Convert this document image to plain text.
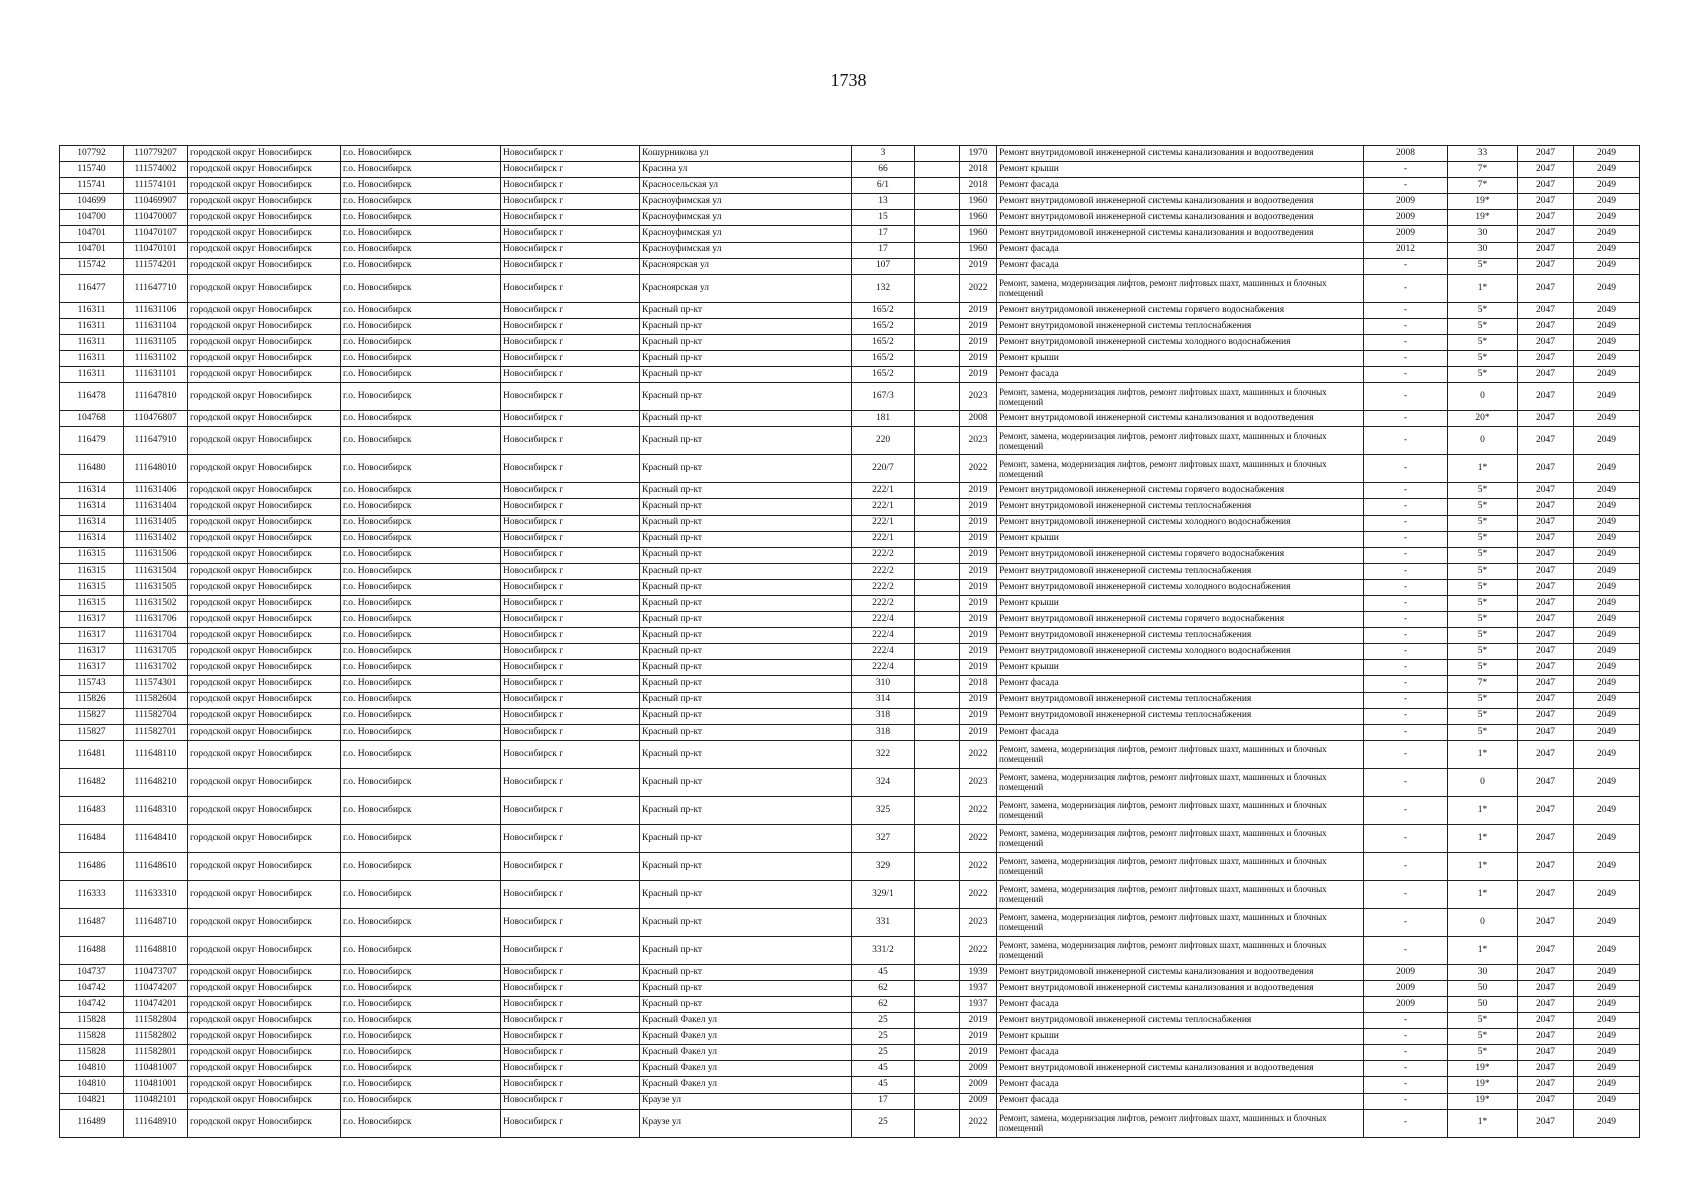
1738
107792	110779207	городской округ Новосибирск	г.о. Новосибирск	Новосибирск г	Кошурникова ул	3		1970	Ремонт внутридомовой инженерной системы канализования и водоотведения	2008	33	2047	2049
115740	111574002	городской округ Новосибирск	г.о. Новосибирск	Новосибирск г	Красина ул	66		2018	Ремонт крыши	-	7*	2047	2049
115741	111574101	городской округ Новосибирск	г.о. Новосибирск	Новосибирск г	Красносельская ул	6/1		2018	Ремонт фасада	-	7*	2047	2049
104699	110469907	городской округ Новосибирск	г.о. Новосибирск	Новосибирск г	Красноуфимская ул	13		1960	Ремонт внутридомовой инженерной системы канализования и водоотведения	2009	19*	2047	2049
104700	110470007	городской округ Новосибирск	г.о. Новосибирск	Новосибирск г	Красноуфимская ул	15		1960	Ремонт внутридомовой инженерной системы канализования и водоотведения	2009	19*	2047	2049
104701	110470107	городской округ Новосибирск	г.о. Новосибирск	Новосибирск г	Красноуфимская ул	17		1960	Ремонт внутридомовой инженерной системы канализования и водоотведения	2009	30	2047	2049
104701	110470101	городской округ Новосибирск	г.о. Новосибирск	Новосибирск г	Красноуфимская ул	17		1960	Ремонт фасада	2012	30	2047	2049
115742	111574201	городской округ Новосибирск	г.о. Новосибирск	Новосибирск г	Красноярская ул	107		2019	Ремонт фасада	-	5*	2047	2049
116477	111647710	городской округ Новосибирск	г.о. Новосибирск	Новосибирск г	Красноярская ул	132		2022	Ремонт, замена, модернизация лифтов, ремонт лифтовых шахт, машинных и блочных помещений	-	1*	2047	2049
116311	111631106	городской округ Новосибирск	г.о. Новосибирск	Новосибирск г	Красный пр-кт	165/2		2019	Ремонт внутридомовой инженерной системы горячего водоснабжения	-	5*	2047	2049
116311	111631104	городской округ Новосибирск	г.о. Новосибирск	Новосибирск г	Красный пр-кт	165/2		2019	Ремонт внутридомовой инженерной системы теплоснабжения	-	5*	2047	2049
116311	111631105	городской округ Новосибирск	г.о. Новосибирск	Новосибирск г	Красный пр-кт	165/2		2019	Ремонт внутридомовой инженерной системы холодного водоснабжения	-	5*	2047	2049
116311	111631102	городской округ Новосибирск	г.о. Новосибирск	Новосибирск г	Красный пр-кт	165/2		2019	Ремонт крыши	-	5*	2047	2049
116311	111631101	городской округ Новосибирск	г.о. Новосибирск	Новосибирск г	Красный пр-кт	165/2		2019	Ремонт фасада	-	5*	2047	2049
116478	111647810	городской округ Новосибирск	г.о. Новосибирск	Новосибирск г	Красный пр-кт	167/3		2023	Ремонт, замена, модернизация лифтов, ремонт лифтовых шахт, машинных и блочных помещений	-	0	2047	2049
104768	110476807	городской округ Новосибирск	г.о. Новосибирск	Новосибирск г	Красный пр-кт	181		2008	Ремонт внутридомовой инженерной системы канализования и водоотведения	-	20*	2047	2049
116479	111647910	городской округ Новосибирск	г.о. Новосибирск	Новосибирск г	Красный пр-кт	220		2023	Ремонт, замена, модернизация лифтов, ремонт лифтовых шахт, машинных и блочных помещений	-	0	2047	2049
116480	111648010	городской округ Новосибирск	г.о. Новосибирск	Новосибирск г	Красный пр-кт	220/7		2022	Ремонт, замена, модернизация лифтов, ремонт лифтовых шахт, машинных и блочных помещений	-	1*	2047	2049
116314	111631406	городской округ Новосибирск	г.о. Новосибирск	Новосибирск г	Красный пр-кт	222/1		2019	Ремонт внутридомовой инженерной системы горячего водоснабжения	-	5*	2047	2049
116314	111631404	городской округ Новосибирск	г.о. Новосибирск	Новосибирск г	Красный пр-кт	222/1		2019	Ремонт внутридомовой инженерной системы теплоснабжения	-	5*	2047	2049
116314	111631405	городской округ Новосибирск	г.о. Новосибирск	Новосибирск г	Красный пр-кт	222/1		2019	Ремонт внутридомовой инженерной системы холодного водоснабжения	-	5*	2047	2049
116314	111631402	городской округ Новосибирск	г.о. Новосибирск	Новосибирск г	Красный пр-кт	222/1		2019	Ремонт крыши	-	5*	2047	2049
116315	111631506	городской округ Новосибирск	г.о. Новосибирск	Новосибирск г	Красный пр-кт	222/2		2019	Ремонт внутридомовой инженерной системы горячего водоснабжения	-	5*	2047	2049
116315	111631504	городской округ Новосибирск	г.о. Новосибирск	Новосибирск г	Красный пр-кт	222/2		2019	Ремонт внутридомовой инженерной системы теплоснабжения	-	5*	2047	2049
116315	111631505	городской округ Новосибирск	г.о. Новосибирск	Новосибирск г	Красный пр-кт	222/2		2019	Ремонт внутридомовой инженерной системы холодного водоснабжения	-	5*	2047	2049
116315	111631502	городской округ Новосибирск	г.о. Новосибирск	Новосибирск г	Красный пр-кт	222/2		2019	Ремонт крыши	-	5*	2047	2049
116317	111631706	городской округ Новосибирск	г.о. Новосибирск	Новосибирск г	Красный пр-кт	222/4		2019	Ремонт внутридомовой инженерной системы горячего водоснабжения	-	5*	2047	2049
116317	111631704	городской округ Новосибирск	г.о. Новосибирск	Новосибирск г	Красный пр-кт	222/4		2019	Ремонт внутридомовой инженерной системы теплоснабжения	-	5*	2047	2049
116317	111631705	городской округ Новосибирск	г.о. Новосибирск	Новосибирск г	Красный пр-кт	222/4		2019	Ремонт внутридомовой инженерной системы холодного водоснабжения	-	5*	2047	2049
116317	111631702	городской округ Новосибирск	г.о. Новосибирск	Новосибирск г	Красный пр-кт	222/4		2019	Ремонт крыши	-	5*	2047	2049
115743	111574301	городской округ Новосибирск	г.о. Новосибирск	Новосибирск г	Красный пр-кт	310		2018	Ремонт фасада	-	7*	2047	2049
115826	111582604	городской округ Новосибирск	г.о. Новосибирск	Новосибирск г	Красный пр-кт	314		2019	Ремонт внутридомовой инженерной системы теплоснабжения	-	5*	2047	2049
115827	111582704	городской округ Новосибирск	г.о. Новосибирск	Новосибирск г	Красный пр-кт	318		2019	Ремонт внутридомовой инженерной системы теплоснабжения	-	5*	2047	2049
115827	111582701	городской округ Новосибирск	г.о. Новосибирск	Новосибирск г	Красный пр-кт	318		2019	Ремонт фасада	-	5*	2047	2049
116481	111648110	городской округ Новосибирск	г.о. Новосибирск	Новосибирск г	Красный пр-кт	322		2022	Ремонт, замена, модернизация лифтов, ремонт лифтовых шахт, машинных и блочных помещений	-	1*	2047	2049
116482	111648210	городской округ Новосибирск	г.о. Новосибирск	Новосибирск г	Красный пр-кт	324		2023	Ремонт, замена, модернизация лифтов, ремонт лифтовых шахт, машинных и блочных помещений	-	0	2047	2049
116483	111648310	городской округ Новосибирск	г.о. Новосибирск	Новосибирск г	Красный пр-кт	325		2022	Ремонт, замена, модернизация лифтов, ремонт лифтовых шахт, машинных и блочных помещений	-	1*	2047	2049
116484	111648410	городской округ Новосибирск	г.о. Новосибирск	Новосибирск г	Красный пр-кт	327		2022	Ремонт, замена, модернизация лифтов, ремонт лифтовых шахт, машинных и блочных помещений	-	1*	2047	2049
116486	111648610	городской округ Новосибирск	г.о. Новосибирск	Новосибирск г	Красный пр-кт	329		2022	Ремонт, замена, модернизация лифтов, ремонт лифтовых шахт, машинных и блочных помещений	-	1*	2047	2049
116333	111633310	городской округ Новосибирск	г.о. Новосибирск	Новосибирск г	Красный пр-кт	329/1		2022	Ремонт, замена, модернизация лифтов, ремонт лифтовых шахт, машинных и блочных помещений	-	1*	2047	2049
116487	111648710	городской округ Новосибирск	г.о. Новосибирск	Новосибирск г	Красный пр-кт	331		2023	Ремонт, замена, модернизация лифтов, ремонт лифтовых шахт, машинных и блочных помещений	-	0	2047	2049
116488	111648810	городской округ Новосибирск	г.о. Новосибирск	Новосибирск г	Красный пр-кт	331/2		2022	Ремонт, замена, модернизация лифтов, ремонт лифтовых шахт, машинных и блочных помещений	-	1*	2047	2049
104737	110473707	городской округ Новосибирск	г.о. Новосибирск	Новосибирск г	Красный пр-кт	45		1939	Ремонт внутридомовой инженерной системы канализования и водоотведения	2009	30	2047	2049
104742	110474207	городской округ Новосибирск	г.о. Новосибирск	Новосибирск г	Красный пр-кт	62		1937	Ремонт внутридомовой инженерной системы канализования и водоотведения	2009	50	2047	2049
104742	110474201	городской округ Новосибирск	г.о. Новосибирск	Новосибирск г	Красный пр-кт	62		1937	Ремонт фасада	2009	50	2047	2049
115828	111582804	городской округ Новосибирск	г.о. Новосибирск	Новосибирск г	Красный Факел ул	25		2019	Ремонт внутридомовой инженерной системы теплоснабжения	-	5*	2047	2049
115828	111582802	городской округ Новосибирск	г.о. Новосибирск	Новосибирск г	Красный Факел ул	25		2019	Ремонт крыши	-	5*	2047	2049
115828	111582801	городской округ Новосибирск	г.о. Новосибирск	Новосибирск г	Красный Факел ул	25		2019	Ремонт фасада	-	5*	2047	2049
104810	110481007	городской округ Новосибирск	г.о. Новосибирск	Новосибирск г	Красный Факел ул	45		2009	Ремонт внутридомовой инженерной системы канализования и водоотведения	-	19*	2047	2049
104810	110481001	городской округ Новосибирск	г.о. Новосибирск	Новосибирск г	Красный Факел ул	45		2009	Ремонт фасада	-	19*	2047	2049
104821	110482101	городской округ Новосибирск	г.о. Новосибирск	Новосибирск г	Краузе ул	17		2009	Ремонт фасада	-	19*	2047	2049
116489	111648910	городской округ Новосибирск	г.о. Новосибирск	Новосибирск г	Краузе ул	25		2022	Ремонт, замена, модернизация лифтов, ремонт лифтовых шахт, машинных и блочных помещений	-	1*	2047	2049
